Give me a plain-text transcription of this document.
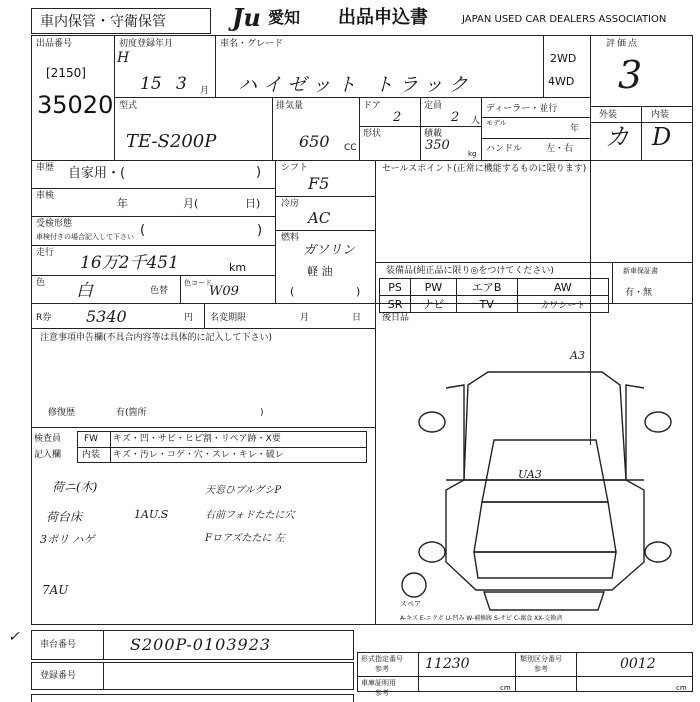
車内保管・守衛保管	Ju 愛知 出品申込書	JAPAN USED CAR DEALERS ASSOCIATION
出品番号
[2150]
35020
初度登録年月
H
15 3 月
車名・グレード
ハイゼット トラック
2WD
4WD
評価点
3
型式
TE-S200P
排気量
650 CC
ドア
2
形状
定員
2 人
積載
350
kg
ディーラー・並行
モデル
年
ハンドル	左・右
外装	内装
カ D
車歴 自家用・(	)
車検
年	月(	日)
受検形態
車検付きの場合記入して下さい (	)
走行 16万2千451	km
色 白	色替
色コード
W09
シフト
F5
冷房
AC
燃料
ガソリン
軽 油
(	)
セールスポイント(正常に機能するものに限ります)
装備品(純正品に限り◎をつけてください)
PS	PW	エアB	AW
SR	ナビ	TV	カワシート
新車保証書
有・無
R券 5340	円 名変期限	月	日 後日品
注意事項申告欄(不具合内容等は具体的に記入して下さい)
修復歴	有(箇所	)
検査員
記入欄
FW キズ・凹・サビ・ヒビ割・リペア跡・X要
内装 キズ・汚レ・コゲ・穴・スレ・キレ・破レ
荷ニ(木)
荷台床	1AU.S
3ポリ ハゲ
7AU
天窓ひブルグシP
右前フォドたたに穴
Fロアズたたに 左
A3
UA3
スペア
A-キズ E-エクボ U-凹み W-補修跡 S-サビ C-腐食 XX-交換済
✓ 車台番号	S200P-0103923
登録番号
形式指定番号
参考	11230	類別区分番号
参考	0012
車庫証明用
参考
cm	cm
